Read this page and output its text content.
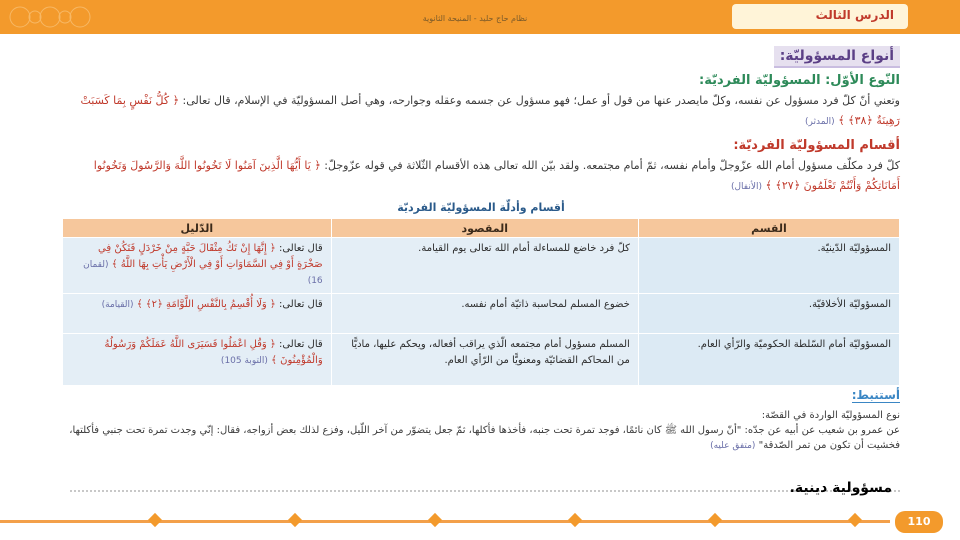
نظام حاج حليد - المنيحة الثانوية	الدرس الثالث
أنواع المسؤوليّة:
النّوع الأوّل: المسؤوليّة الفرديّة:
وتعني أنّ كلّ فرد مسؤول عن نفسه، وكلّ مايصدر عنها من قول أو عمل؛ فهو مسؤول عن جسمه وعقله وجوارحه، وهي أصل المسؤوليّة في الإسلام، قال تعالى: ﴿ كُلُّ نَفْسٍ بِمَا كَسَبَتْ رَهِينَةٌ ﴿٣٨﴾ ﴾ (المدثر)
أقسام المسؤوليّة الفرديّة:
كلّ فرد مكلّف مسؤول أمام الله عزّوجلّ وأمام نفسه، ثمّ أمام مجتمعه. ولقد بيّن الله تعالى هذه الأقسام الثّلاثة في قوله عزّوجلّ: ﴿ يَا أَيُّهَا الَّذِينَ آمَنُوا لَا تَخُونُوا اللَّهَ وَالرَّسُولَ وَتَخُونُوا أَمَانَاتِكُمْ وَأَنْتُمْ تَعْلَمُونَ ﴿٢٧﴾ ﴾ (الأنفال)
أقسام وأدلّة المسؤوليّة الفرديّة
القسم	المقصود	الدّليل
المسؤوليّة الدّينيّة.	كلّ فرد خاضع للمساءلة أمام الله تعالى يوم القيامة.	قال تعالى: ﴿ إِنَّهَا إِنْ تَكُ مِثْقَالَ حَبَّةٍ مِنْ خَرْدَلٍ فَتَكُنْ فِي صَخْرَةٍ أَوْ فِي السَّمَاوَاتِ أَوْ فِي الْأَرْضِ يَأْتِ بِهَا اللَّهُ ﴾ (لقمان 16)
المسؤوليّة الأخلاقيّة.	خضوع المسلم لمحاسبة ذاتيّة أمام نفسه.	قال تعالى: ﴿ وَلَا أُقْسِمُ بِالنَّفْسِ اللَّوَّامَةِ ﴿٢﴾ ﴾ (القيامة)
المسؤوليّة أمام السّلطة الحكوميّة والرّأي العام.	المسلم مسؤول أمام مجتمعه الّذي يراقب أفعاله، ويحكم عليها، ماديًّا من المحاكم القضائيّة ومعنويًّا من الرّأي العام.	قال تعالى: ﴿ وَقُلِ اعْمَلُوا فَسَيَرَى اللَّهُ عَمَلَكُمْ وَرَسُولُهُ وَالْمُؤْمِنُونَ ﴾ (التوبة 105)
أستنبط:
نوع المسؤوليّة الواردة في القصّة:
عن عمرو بن شعيب عن أبيه عن جدّه: "أنّ رسول الله ﷺ كان نائمًا، فوجد تمرة تحت جنبه، فأخذها فأكلها، ثمّ جعل يتضوّر من آخر اللّيل، وفزع لذلك بعض أزواجه، فقال: إنّي وجدت تمرة تحت جنبي فأكلتها، فخشيت أن تكون من تمر الصّدقة" (متفق عليه)
مسؤولية دينية.
110
